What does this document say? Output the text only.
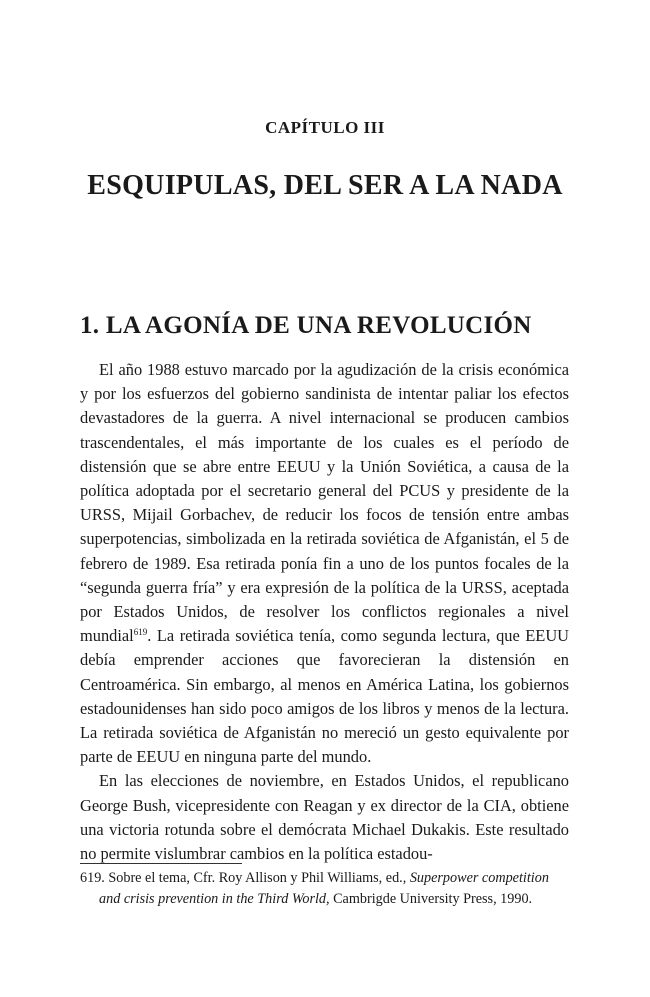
CAPÍTULO III
ESQUIPULAS, DEL SER A LA NADA
1. LA AGONÍA DE UNA REVOLUCIÓN

El año 1988 estuvo marcado por la agudización de la crisis económica y por los esfuerzos del gobierno sandinista de intentar paliar los efectos devastadores de la guerra. A nivel internacional se producen cambios trascendentales, el más importante de los cuales es el período de distensión que se abre entre EEUU y la Unión Soviética, a causa de la política adoptada por el secretario general del PCUS y presidente de la URSS, Mijail Gorbachev, de reducir los focos de tensión entre ambas superpotencias, simbolizada en la retirada soviética de Afganistán, el 5 de febrero de 1989. Esa retirada ponía fin a uno de los puntos focales de la “segunda guerra fría” y era expresión de la política de la URSS, aceptada por Estados Unidos, de resolver los conflictos regionales a nivel mundial$^{619}$. La retirada soviética tenía, como segunda lectura, que EEUU debía emprender acciones que favorecieran la distensión en Centroamérica. Sin embargo, al menos en América Latina, los gobiernos estadounidenses han sido poco amigos de los libros y menos de la lectura. La retirada soviética de Afganistán no mereció un gesto equivalente por parte de EEUU en ninguna parte del mundo.

En las elecciones de noviembre, en Estados Unidos, el republicano George Bush, vicepresidente con Reagan y ex director de la CIA, obtiene una victoria rotunda sobre el demócrata Michael Dukakis. Este resultado no permite vislumbrar cambios en la política estadou-

619. Sobre el tema, Cfr. Roy Allison y Phil Williams, ed., Superpower competition and crisis prevention in the Third World, Cambrigde University Press, 1990.
